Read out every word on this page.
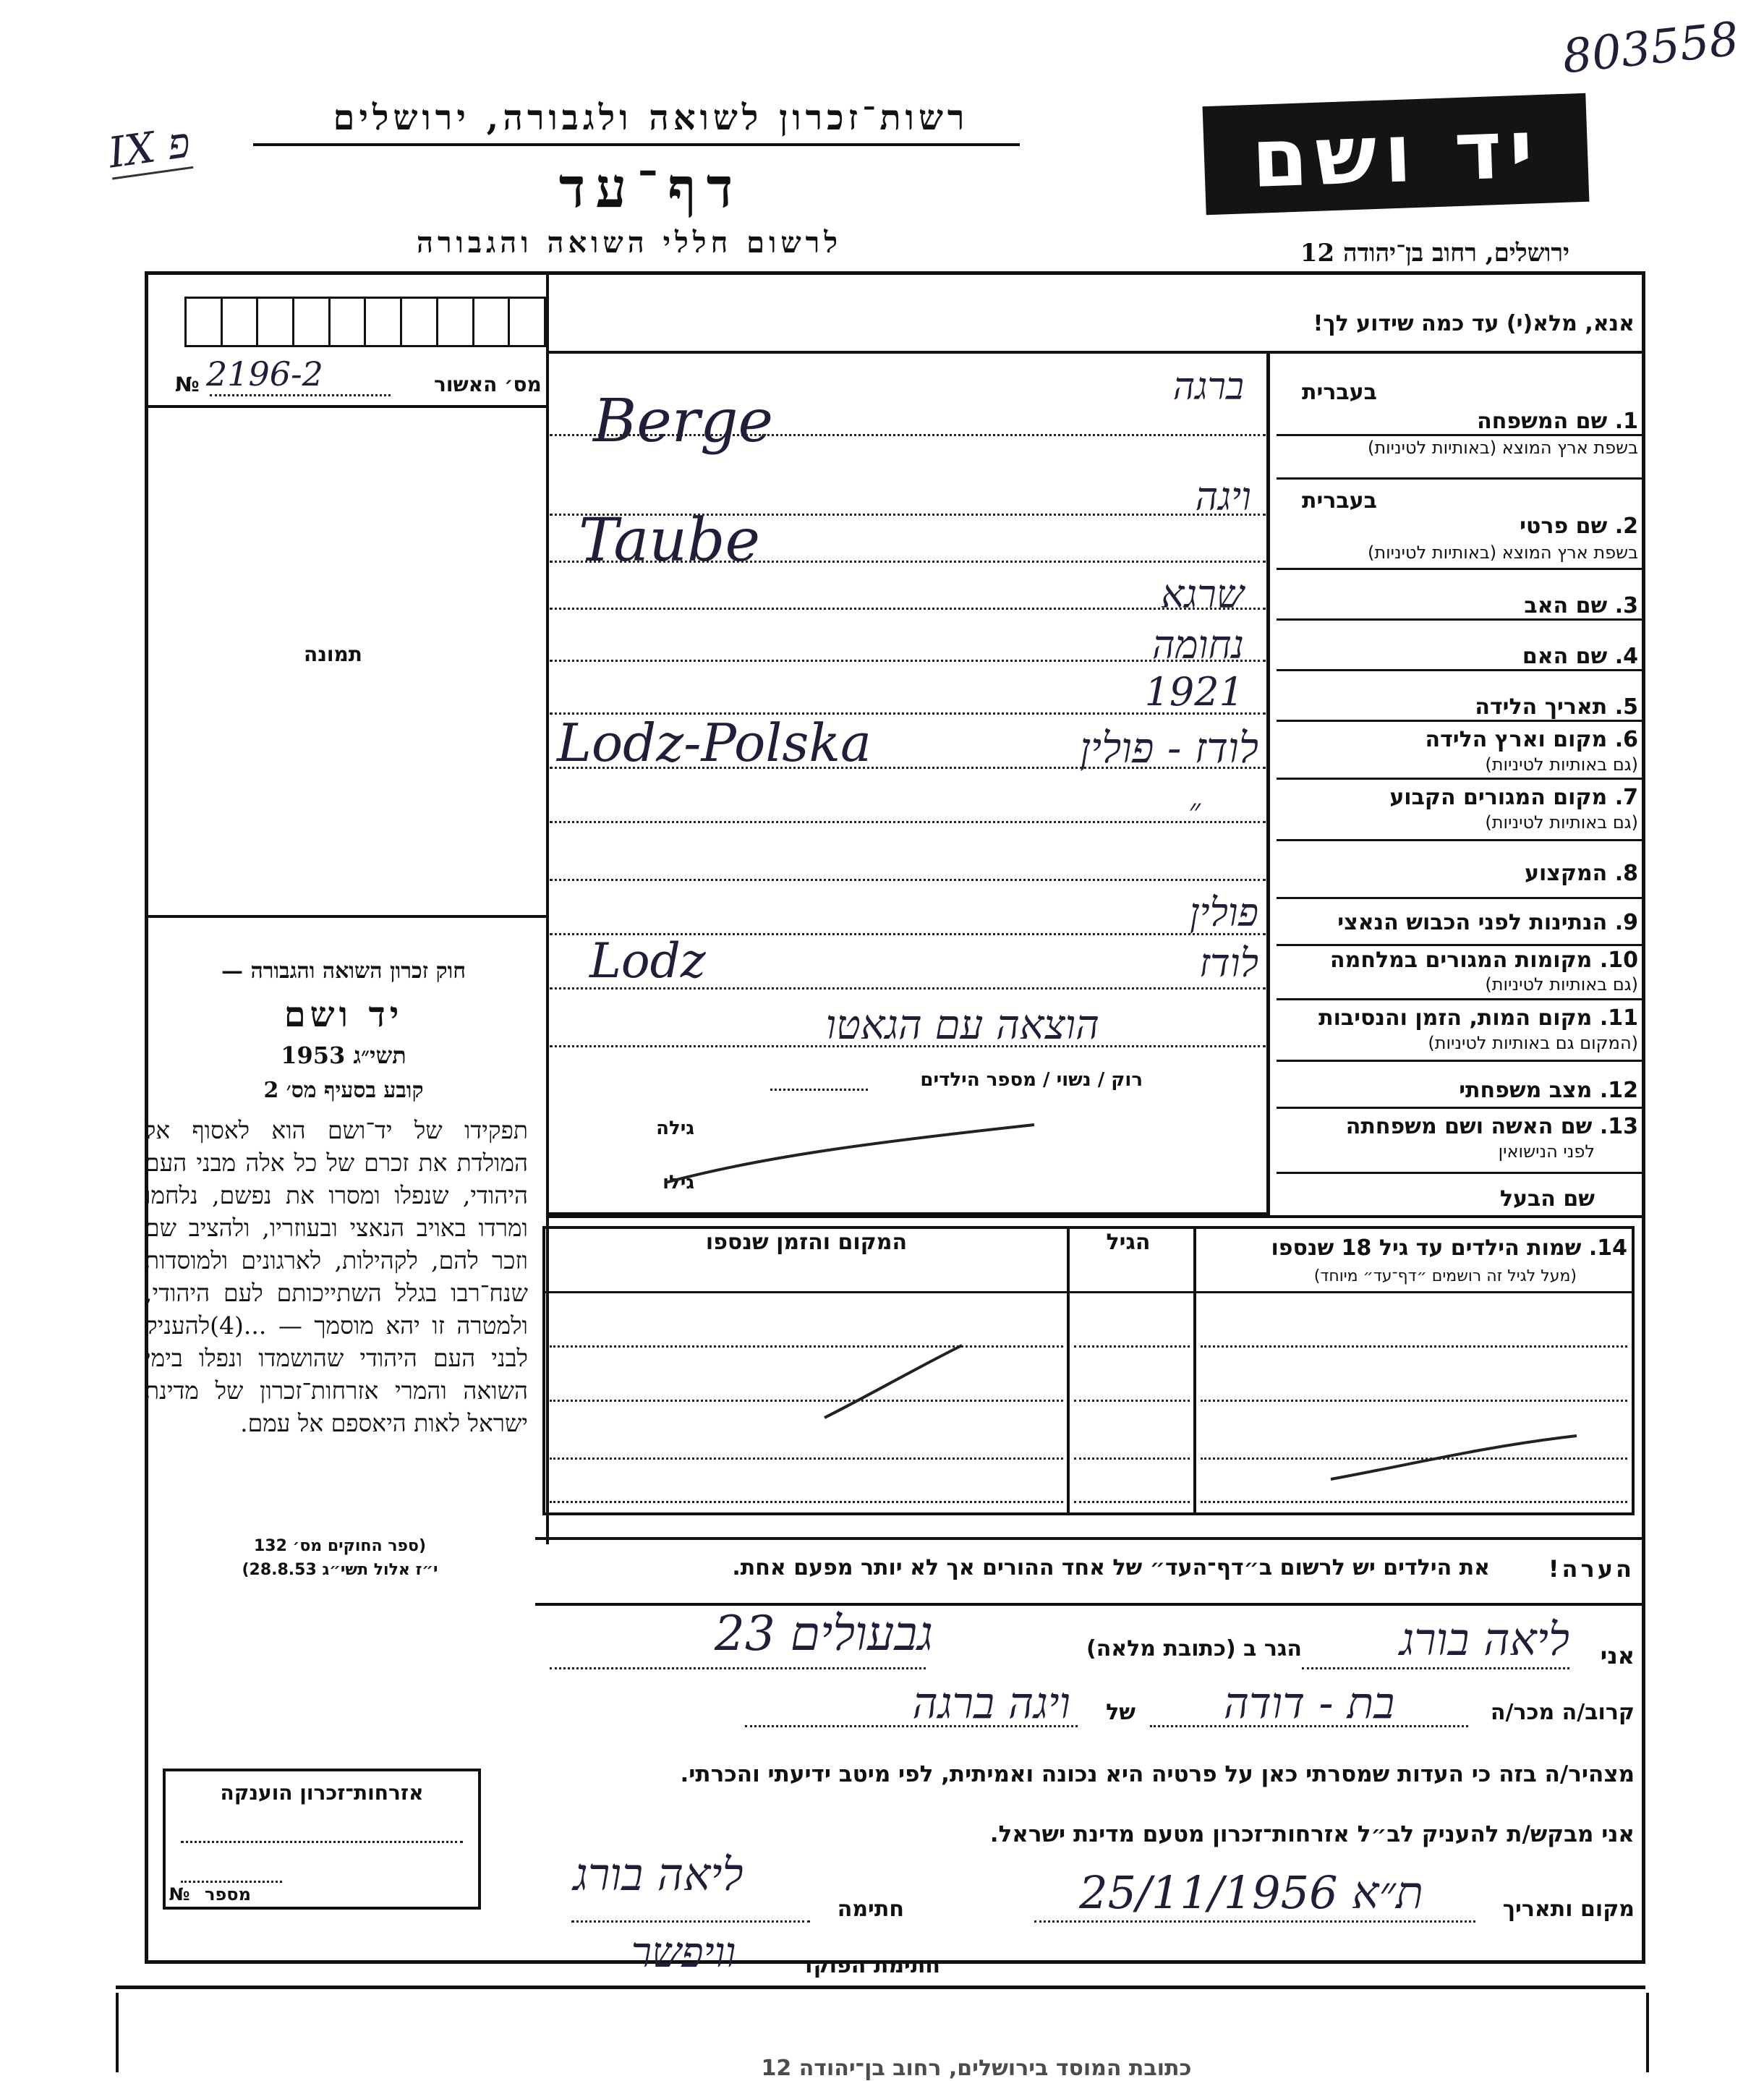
803558
פ IX	רשות־זכרון לשואה ולגבורה, ירושלים
דף־עד
לרשום חללי השואה והגבורה
יד ושם
ירושלים, רחוב בן־יהודה 12
מס׳ האשור
2196-2
№
תמונה
חוק זכרון השואה והגבורה —
יד ושם
תשי״ג 1953
קובע בסעיף מס׳ 2
תפקידו של יד־ושם הוא לאסוף אל המולדת את זכרם של כל אלה מבני העם היהודי, שנפלו ומסרו את נפשם, נלחמו ומרדו באויב הנאצי ובעוזריו, ולהציב שם וזכר להם, לקהילות, לארגונים ולמוסדות שנח־רבו בגלל השתייכותם לעם היהודי, ולמטרה זו יהא מוסמך — ...(4)להעניק לבני העם היהודי שהושמדו ונפלו בימי השואה והמרי אזרחות־זכרון של מדינת ישראל לאות היאספם אל עמם.
(ספר החוקים מס׳ 132
י״ז אלול תשי״ג 28.8.53)
אנא, מלא(י) עד כמה שידוע לך!
בעברית
1. שם המשפחה
בשפת ארץ המוצא (באותיות לטיניות)
בעברית
2. שם פרטי
בשפת ארץ המוצא (באותיות לטיניות)
3. שם האב
4. שם האם
5. תאריך הלידה
6. מקום וארץ הלידה
(גם באותיות לטיניות)
7. מקום המגורים הקבוע
(גם באותיות לטיניות)
8. המקצוע
9. הנתינות לפני הכבוש הנאצי
10. מקומות המגורים במלחמה
(גם באותיות לטיניות)
11. מקום המות, הזמן והנסיבות
(המקום גם באותיות לטיניות)
12. מצב משפחתי
13. שם האשה ושם משפחתה
לפני הנישואין
שם הבעל
רוק / נשוי / מספר הילדים
גילה
גילו
ברגה
Berge
ויגה
Taube
שרגא
נחומה
1921
לודז - פולין
Lodz-Polska
״
פולין
לודז
Lodz
הוצאה עם הגאטו
14. שמות הילדים עד גיל 18 שנספו
(מעל לגיל זה רושמים ״דף־עד״ מיוחד)
הגיל
המקום והזמן שנספו
הערה!
את הילדים יש לרשום ב״דף־העד״ של אחד ההורים אך לא יותר מפעם אחת.
אני
ליאה בורג
הגר ב (כתובת מלאה)
גבעולים 23
קרוב/ה מכר/ה
בת - דודה
של
ויגה ברגה
מצהיר/ה בזה כי העדות שמסרתי כאן על פרטיה היא נכונה ואמיתית, לפי מיטב ידיעתי והכרתי.
אני מבקש/ת להעניק לב״ל אזרחות־זכרון מטעם מדינת ישראל.
אזרחות־זכרון הוענקה
מספר
№
מקום ותאריך
ת״א 25/11/1956
חתימה
ליאה בורג
חתימת הפוקד
וויפשר
כתובת המוסד בירושלים, רחוב בן־יהודה 12
